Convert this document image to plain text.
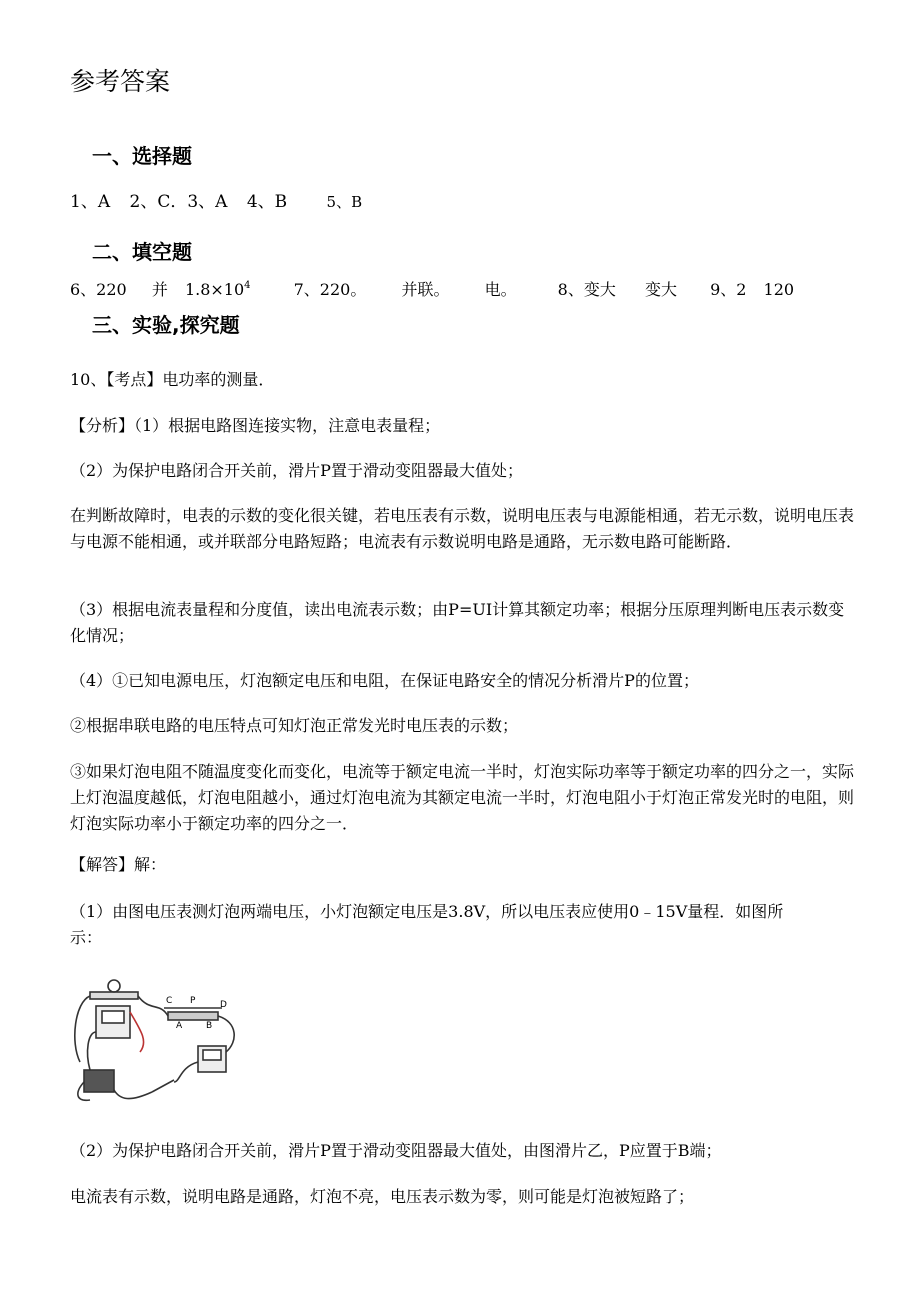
参考答案
一、选择题
1、A 2、C．3、A 4、B	5、B
二、填空题
6、220 并 $1.8\times 10^4$	7、220。 并联。 电。	8、变大 变大 9、2 120
三、实验,探究题
10、【考点】电功率的测量．
【分析】（1）根据电路图连接实物，注意电表量程；
（2）为保护电路闭合开关前，滑片P置于滑动变阻器最大值处；
在判断故障时，电表的示数的变化很关键，若电压表有示数，说明电压表与电源能相通，若无示数，说明电压表与电源不能相通，或并联部分电路短路；电流表有示数说明电路是通路，无示数电路可能断路．
（3）根据电流表量程和分度值，读出电流表示数；由P=UI计算其额定功率；根据分压原理判断电压表示数变化情况；
（4）①已知电源电压，灯泡额定电压和电阻，在保证电路安全的情况分析滑片P的位置；
②根据串联电路的电压特点可知灯泡正常发光时电压表的示数；
③如果灯泡电阻不随温度变化而变化，电流等于额定电流一半时，灯泡实际功率等于额定功率的四分之一，实际上灯泡温度越低，灯泡电阻越小，通过灯泡电流为其额定电流一半时，灯泡电阻小于灯泡正常发光时的电阻，则灯泡实际功率小于额定功率的四分之一．
【解答】解：
（1）由图电压表测灯泡两端电压，小灯泡额定电压是3.8V，所以电压表应使用0﹣15V量程．如图所示：
C P	D
A	B
（2）为保护电路闭合开关前，滑片P置于滑动变阻器最大值处，由图滑片乙，P应置于B端；
电流表有示数，说明电路是通路，灯泡不亮，电压表示数为零，则可能是灯泡被短路了；
